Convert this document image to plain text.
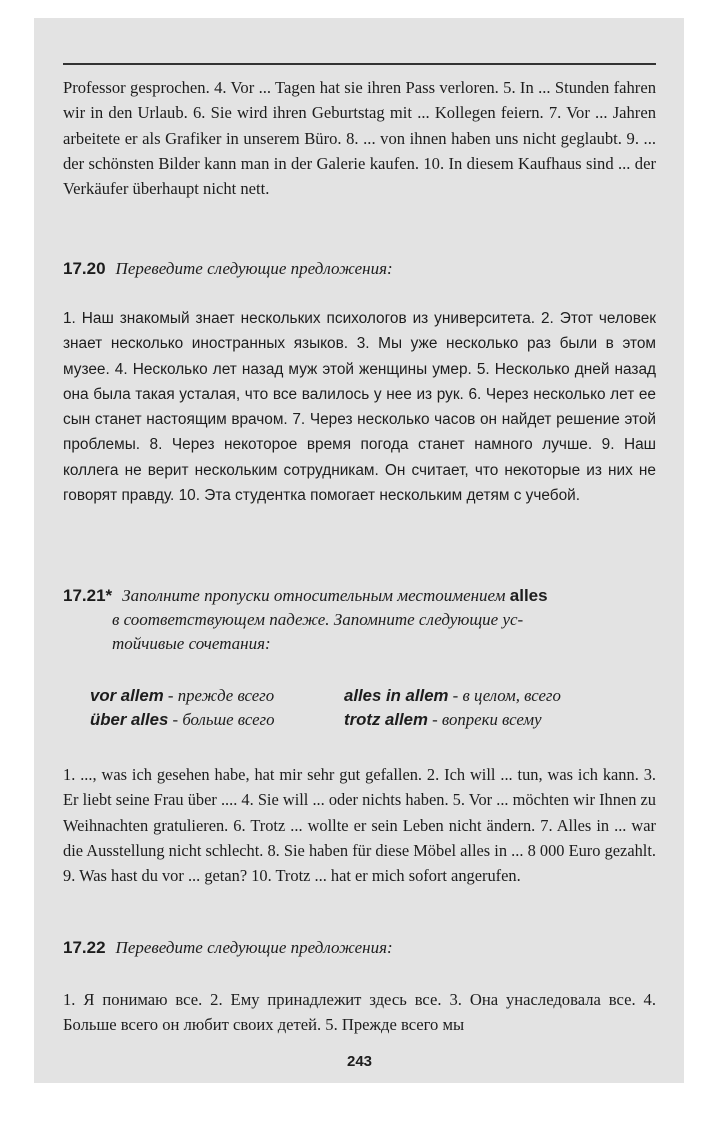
Professor gesprochen. 4. Vor ... Tagen hat sie ihren Pass verloren. 5. In ... Stunden fahren wir in den Urlaub. 6. Sie wird ihren Geburtstag mit ... Kollegen feiern. 7. Vor ... Jahren arbeitete er als Grafiker in unserem Büro. 8. ... von ihnen haben uns nicht geglaubt. 9. ... der schönsten Bilder kann man in der Galerie kaufen. 10. In diesem Kaufhaus sind ... der Verkäufer überhaupt nicht nett.
17.20 Переведите следующие предложения:
1. Наш знакомый знает нескольких психологов из университета. 2. Этот человек знает несколько иностранных языков. 3. Мы уже несколько раз были в этом музее. 4. Несколько лет назад муж этой женщины умер. 5. Несколько дней назад она была такая усталая, что все валилось у нее из рук. 6. Через несколько лет ее сын станет настоящим врачом. 7. Через несколько часов он найдет решение этой проблемы. 8. Через некоторое время погода станет намного лучше. 9. Наш коллега не верит нескольким сотрудникам. Он считает, что некоторые из них не говорят правду. 10. Эта студентка помогает нескольким детям с учебой.
17.21* Заполните пропуски относительным местоимением alles
в соответствующем падеже. Запомните следующие ус-
тойчивые сочетания:
vor allem - прежде всего	alles in allem - в целом, всего
über alles - больше всего	trotz allem - вопреки всему
1. ..., was ich gesehen habe, hat mir sehr gut gefallen. 2. Ich will ... tun, was ich kann. 3. Er liebt seine Frau über .... 4. Sie will ... oder nichts haben. 5. Vor ... möchten wir Ihnen zu Weihnachten gratulieren. 6. Trotz ... wollte er sein Leben nicht ändern. 7. Alles in ... war die Ausstellung nicht schlecht. 8. Sie haben für diese Möbel alles in ... 8 000 Euro gezahlt. 9. Was hast du vor ... getan? 10. Trotz ... hat er mich sofort angerufen.
17.22 Переведите следующие предложения:
1. Я понимаю все. 2. Ему принадлежит здесь все. 3. Она унаследовала все. 4. Больше всего он любит своих детей. 5. Прежде всего мы
243
